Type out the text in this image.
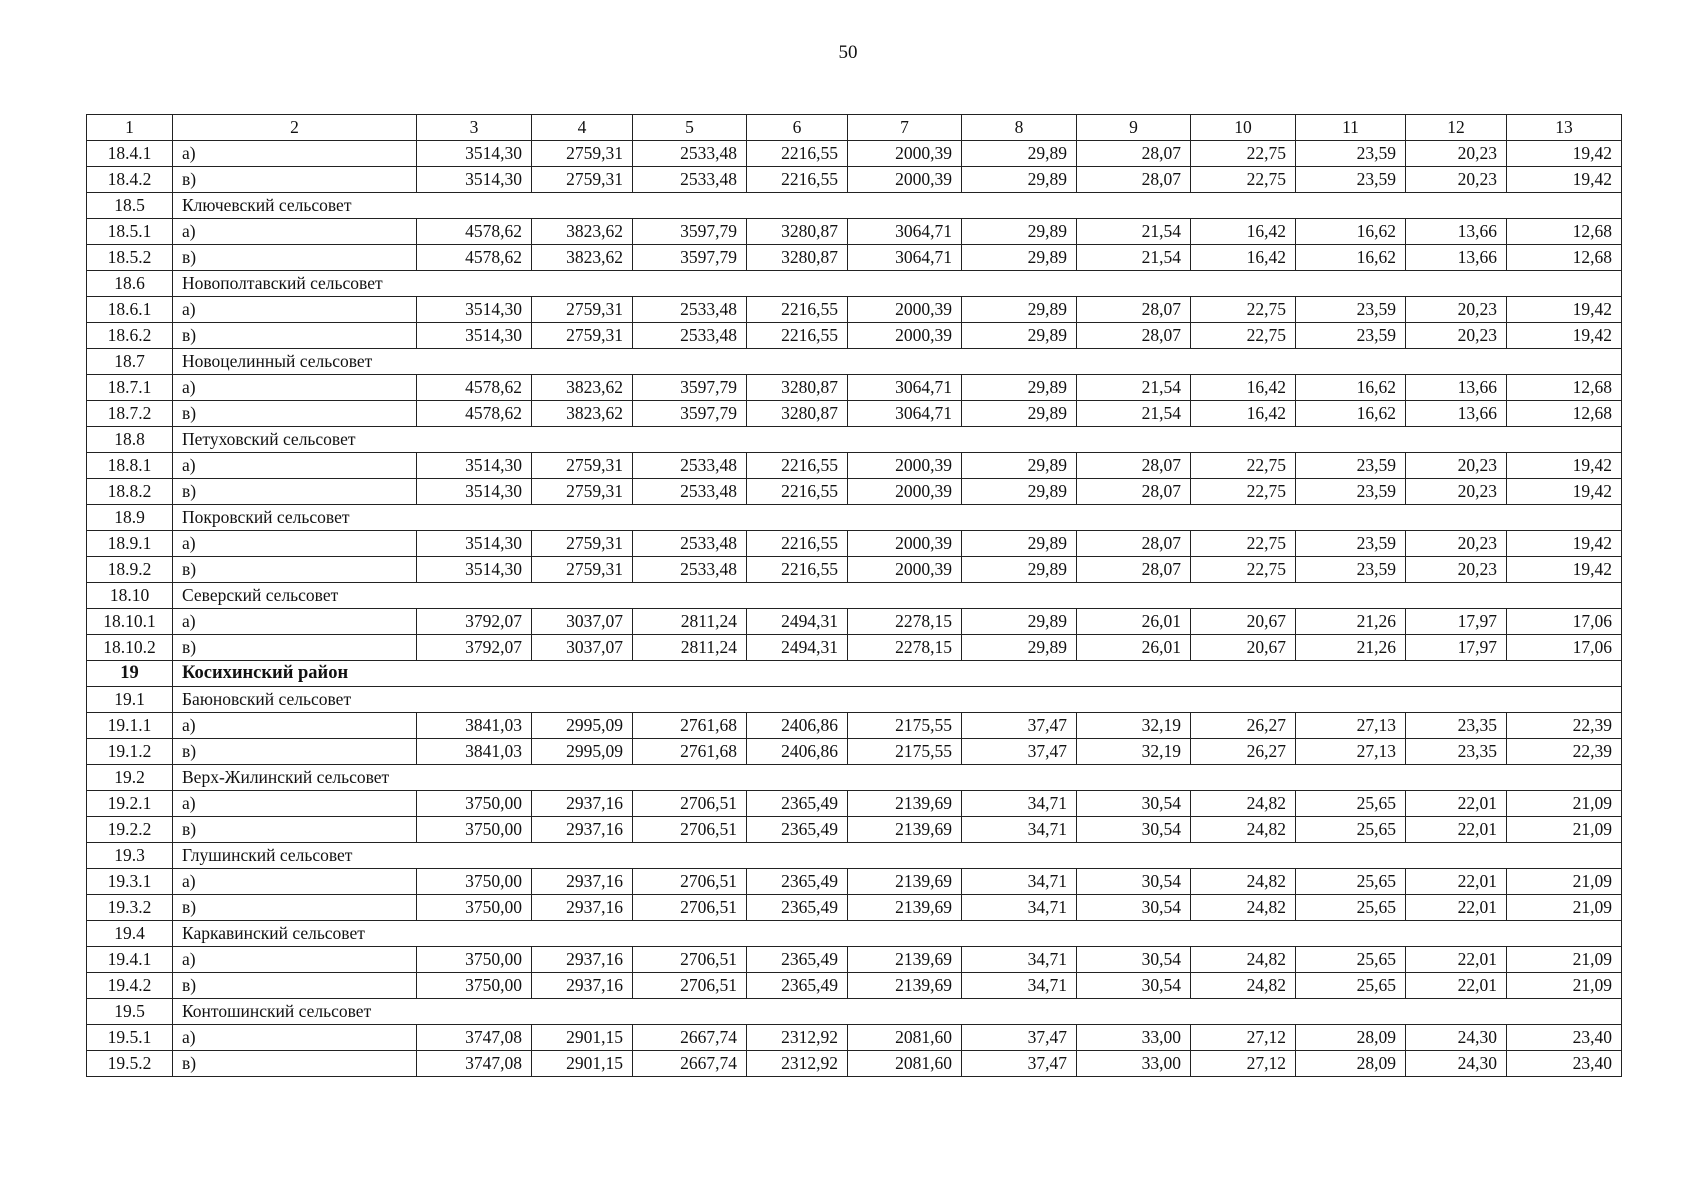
50
1	2	3	4	5	6	7	8	9	10	11	12	13
18.4.1	а)	3514,30	2759,31	2533,48	2216,55	2000,39	29,89	28,07	22,75	23,59	20,23	19,42
18.4.2	в)	3514,30	2759,31	2533,48	2216,55	2000,39	29,89	28,07	22,75	23,59	20,23	19,42
18.5	Ключевский сельсовет											
18.5.1	а)	4578,62	3823,62	3597,79	3280,87	3064,71	29,89	21,54	16,42	16,62	13,66	12,68
18.5.2	в)	4578,62	3823,62	3597,79	3280,87	3064,71	29,89	21,54	16,42	16,62	13,66	12,68
18.6	Новополтавский сельсовет											
18.6.1	а)	3514,30	2759,31	2533,48	2216,55	2000,39	29,89	28,07	22,75	23,59	20,23	19,42
18.6.2	в)	3514,30	2759,31	2533,48	2216,55	2000,39	29,89	28,07	22,75	23,59	20,23	19,42
18.7	Новоцелинный сельсовет											
18.7.1	а)	4578,62	3823,62	3597,79	3280,87	3064,71	29,89	21,54	16,42	16,62	13,66	12,68
18.7.2	в)	4578,62	3823,62	3597,79	3280,87	3064,71	29,89	21,54	16,42	16,62	13,66	12,68
18.8	Петуховский сельсовет											
18.8.1	а)	3514,30	2759,31	2533,48	2216,55	2000,39	29,89	28,07	22,75	23,59	20,23	19,42
18.8.2	в)	3514,30	2759,31	2533,48	2216,55	2000,39	29,89	28,07	22,75	23,59	20,23	19,42
18.9	Покровский сельсовет											
18.9.1	а)	3514,30	2759,31	2533,48	2216,55	2000,39	29,89	28,07	22,75	23,59	20,23	19,42
18.9.2	в)	3514,30	2759,31	2533,48	2216,55	2000,39	29,89	28,07	22,75	23,59	20,23	19,42
18.10	Северский сельсовет											
18.10.1	а)	3792,07	3037,07	2811,24	2494,31	2278,15	29,89	26,01	20,67	21,26	17,97	17,06
18.10.2	в)	3792,07	3037,07	2811,24	2494,31	2278,15	29,89	26,01	20,67	21,26	17,97	17,06
19	Косихинский район											
19.1	Баюновский сельсовет											
19.1.1	а)	3841,03	2995,09	2761,68	2406,86	2175,55	37,47	32,19	26,27	27,13	23,35	22,39
19.1.2	в)	3841,03	2995,09	2761,68	2406,86	2175,55	37,47	32,19	26,27	27,13	23,35	22,39
19.2	Верх-Жилинский сельсовет											
19.2.1	а)	3750,00	2937,16	2706,51	2365,49	2139,69	34,71	30,54	24,82	25,65	22,01	21,09
19.2.2	в)	3750,00	2937,16	2706,51	2365,49	2139,69	34,71	30,54	24,82	25,65	22,01	21,09
19.3	Глушинский сельсовет											
19.3.1	а)	3750,00	2937,16	2706,51	2365,49	2139,69	34,71	30,54	24,82	25,65	22,01	21,09
19.3.2	в)	3750,00	2937,16	2706,51	2365,49	2139,69	34,71	30,54	24,82	25,65	22,01	21,09
19.4	Каркавинский сельсовет											
19.4.1	а)	3750,00	2937,16	2706,51	2365,49	2139,69	34,71	30,54	24,82	25,65	22,01	21,09
19.4.2	в)	3750,00	2937,16	2706,51	2365,49	2139,69	34,71	30,54	24,82	25,65	22,01	21,09
19.5	Контошинский сельсовет											
19.5.1	а)	3747,08	2901,15	2667,74	2312,92	2081,60	37,47	33,00	27,12	28,09	24,30	23,40
19.5.2	в)	3747,08	2901,15	2667,74	2312,92	2081,60	37,47	33,00	27,12	28,09	24,30	23,40
